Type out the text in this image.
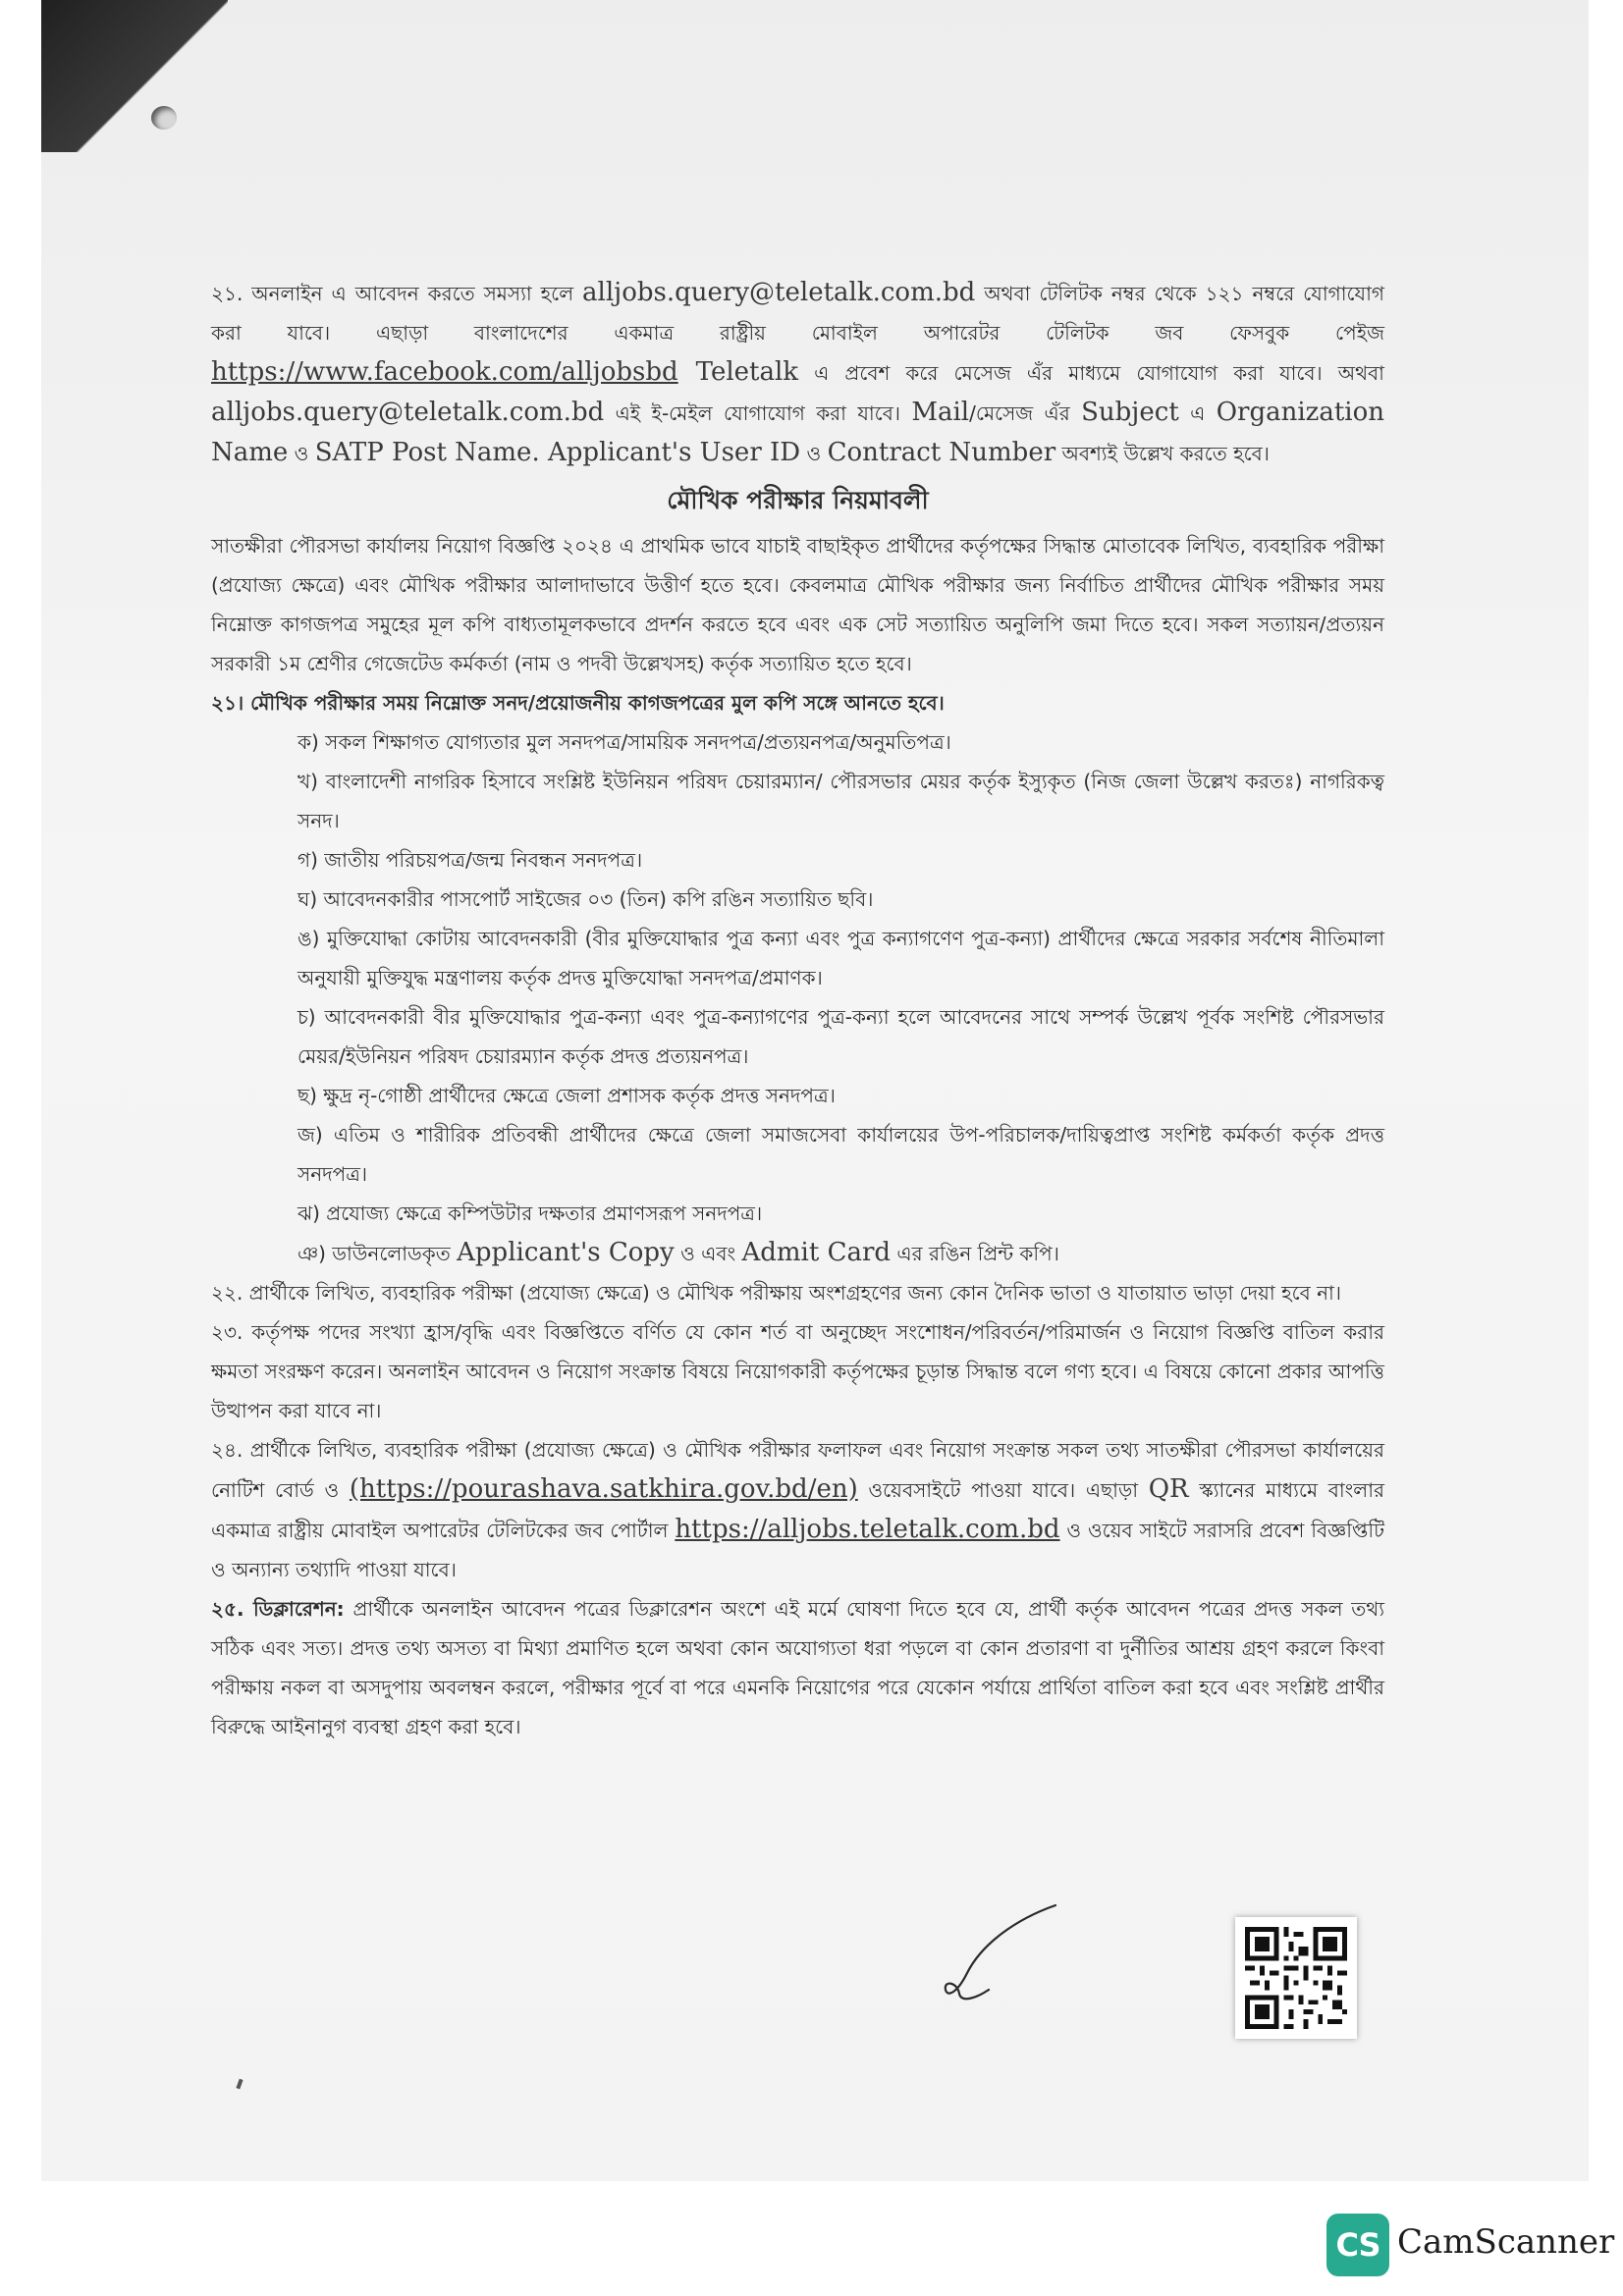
২১. অনলাইন এ আবেদন করতে সমস্যা হলে alljobs.query@teletalk.com.bd অথবা টেলিটক নম্বর থেকে ১২১ নম্বরে যোগাযোগ করা যাবে। এছাড়া বাংলাদেশের একমাত্র রাষ্ট্রীয় মোবাইল অপারেটর টেলিটক জব ফেসবুক পেইজ https://www.facebook.com/alljobsbd Teletalk এ প্রবেশ করে মেসেজ এঁর মাধ্যমে যোগাযোগ করা যাবে। অথবা alljobs.query@teletalk.com.bd এই ই-মেইল যোগাযোগ করা যাবে। Mail/মেসেজ এঁর Subject এ Organization Name ও SATP Post Name. Applicant's User ID ও Contract Number অবশ্যই উল্লেখ করতে হবে।

মৌখিক পরীক্ষার নিয়মাবলী

সাতক্ষীরা পৌরসভা কার্যালয় নিয়োগ বিজ্ঞপ্তি ২০২৪ এ প্রাথমিক ভাবে যাচাই বাছাইকৃত প্রার্থীদের কর্তৃপক্ষের সিদ্ধান্ত মোতাবেক লিখিত, ব্যবহারিক পরীক্ষা (প্রযোজ্য ক্ষেত্রে) এবং মৌখিক পরীক্ষার আলাদাভাবে উত্তীর্ণ হতে হবে। কেবলমাত্র মৌখিক পরীক্ষার জন্য নির্বাচিত প্রার্থীদের মৌখিক পরীক্ষার সময় নিম্নোক্ত কাগজপত্র সমুহের মূল কপি বাধ্যতামূলকভাবে প্রদর্শন করতে হবে এবং এক সেট সত্যায়িত অনুলিপি জমা দিতে হবে। সকল সত্যায়ন/প্রত্যয়ন সরকারী ১ম শ্রেণীর গেজেটেড কর্মকর্তা (নাম ও পদবী উল্লেখসহ) কর্তৃক সত্যায়িত হতে হবে।

২১। মৌখিক পরীক্ষার সময় নিম্নোক্ত সনদ/প্রয়োজনীয় কাগজপত্রের মুল কপি সঙ্গে আনতে হবে।

ক) সকল শিক্ষাগত যোগ্যতার মুল সনদপত্র/সাময়িক সনদপত্র/প্রত্যয়নপত্র/অনুমতিপত্র।

খ) বাংলাদেশী নাগরিক হিসাবে সংশ্লিষ্ট ইউনিয়ন পরিষদ চেয়ারম্যান/ পৌরসভার মেয়র কর্তৃক ইস্যুকৃত (নিজ জেলা উল্লেখ করতঃ) নাগরিকত্ব সনদ।

গ) জাতীয় পরিচয়পত্র/জন্ম নিবন্ধন সনদপত্র।

ঘ) আবেদনকারীর পাসপোর্ট সাইজের ০৩ (তিন) কপি রঙিন সত্যায়িত ছবি।

ঙ) মুক্তিযোদ্ধা কোটায় আবেদনকারী (বীর মুক্তিযোদ্ধার পুত্র কন্যা এবং পুত্র কন্যাগণেণ পুত্র-কন্যা) প্রার্থীদের ক্ষেত্রে সরকার সর্বশেষ নীতিমালা অনুযায়ী মুক্তিযুদ্ধ মন্ত্রণালয় কর্তৃক প্রদত্ত মুক্তিযোদ্ধা সনদপত্র/প্রমাণক।

চ) আবেদনকারী বীর মুক্তিযোদ্ধার পুত্র-কন্যা এবং পুত্র-কন্যাগণের পুত্র-কন্যা হলে আবেদনের সাথে সম্পর্ক উল্লেখ পূর্বক সংশিষ্ট পৌরসভার মেয়র/ইউনিয়ন পরিষদ চেয়ারম্যান কর্তৃক প্রদত্ত প্রত্যয়নপত্র।

ছ) ক্ষুদ্র নৃ-গোষ্ঠী প্রার্থীদের ক্ষেত্রে জেলা প্রশাসক কর্তৃক প্রদত্ত সনদপত্র।

জ) এতিম ও শারীরিক প্রতিবন্ধী প্রার্থীদের ক্ষেত্রে জেলা সমাজসেবা কার্যালয়ের উপ-পরিচালক/দায়িত্বপ্রাপ্ত সংশিষ্ট কর্মকর্তা কর্তৃক প্রদত্ত সনদপত্র।

ঝ) প্রযোজ্য ক্ষেত্রে কম্পিউটার দক্ষতার প্রমাণসরূপ সনদপত্র।

ঞ) ডাউনলোডকৃত Applicant's Copy ও এবং Admit Card এর রঙিন প্রিন্ট কপি।

২২. প্রার্থীকে লিখিত, ব্যবহারিক পরীক্ষা (প্রযোজ্য ক্ষেত্রে) ও মৌখিক পরীক্ষায় অংশগ্রহণের জন্য কোন দৈনিক ভাতা ও যাতায়াত ভাড়া দেয়া হবে না।

২৩. কর্তৃপক্ষ পদের সংখ্যা হ্রাস/বৃদ্ধি এবং বিজ্ঞপ্তিতে বর্ণিত যে কোন শর্ত বা অনুচ্ছেদ সংশোধন/পরিবর্তন/পরিমার্জন ও নিয়োগ বিজ্ঞপ্তি বাতিল করার ক্ষমতা সংরক্ষণ করেন। অনলাইন আবেদন ও নিয়োগ সংক্রান্ত বিষয়ে নিয়োগকারী কর্তৃপক্ষের চূড়ান্ত সিদ্ধান্ত বলে গণ্য হবে। এ বিষয়ে কোনো প্রকার আপত্তি উত্থাপন করা যাবে না।

২৪. প্রার্থীকে লিখিত, ব্যবহারিক পরীক্ষা (প্রযোজ্য ক্ষেত্রে) ও মৌখিক পরীক্ষার ফলাফল এবং নিয়োগ সংক্রান্ত সকল তথ্য সাতক্ষীরা পৌরসভা কার্যালয়ের নোটিশ বোর্ড ও (https://pourashava.satkhira.gov.bd/en) ওয়েবসাইটে পাওয়া যাবে। এছাড়া QR স্ক্যানের মাধ্যমে বাংলার একমাত্র রাষ্ট্রীয় মোবাইল অপারেটর টেলিটকের জব পোর্টাল https://alljobs.teletalk.com.bd ও ওয়েব সাইটে সরাসরি প্রবেশ বিজ্ঞপ্তিটি ও অন্যান্য তথ্যাদি পাওয়া যাবে।

২৫. ডিক্লারেশন: প্রার্থীকে অনলাইন আবেদন পত্রের ডিক্লারেশন অংশে এই মর্মে ঘোষণা দিতে হবে যে, প্রার্থী কর্তৃক আবেদন পত্রের প্রদত্ত সকল তথ্য সঠিক এবং সত্য। প্রদত্ত তথ্য অসত্য বা মিথ্যা প্রমাণিত হলে অথবা কোন অযোগ্যতা ধরা পড়লে বা কোন প্রতারণা বা দুর্নীতির আশ্রয় গ্রহণ করলে কিংবা পরীক্ষায় নকল বা অসদুপায় অবলম্বন করলে, পরীক্ষার পূর্বে বা পরে এমনকি নিয়োগের পরে যেকোন পর্যায়ে প্রার্থিতা বাতিল করা হবে এবং সংশ্লিষ্ট প্রার্থীর বিরুদ্ধে আইনানুগ ব্যবস্থা গ্রহণ করা হবে।

CS CamScanner
